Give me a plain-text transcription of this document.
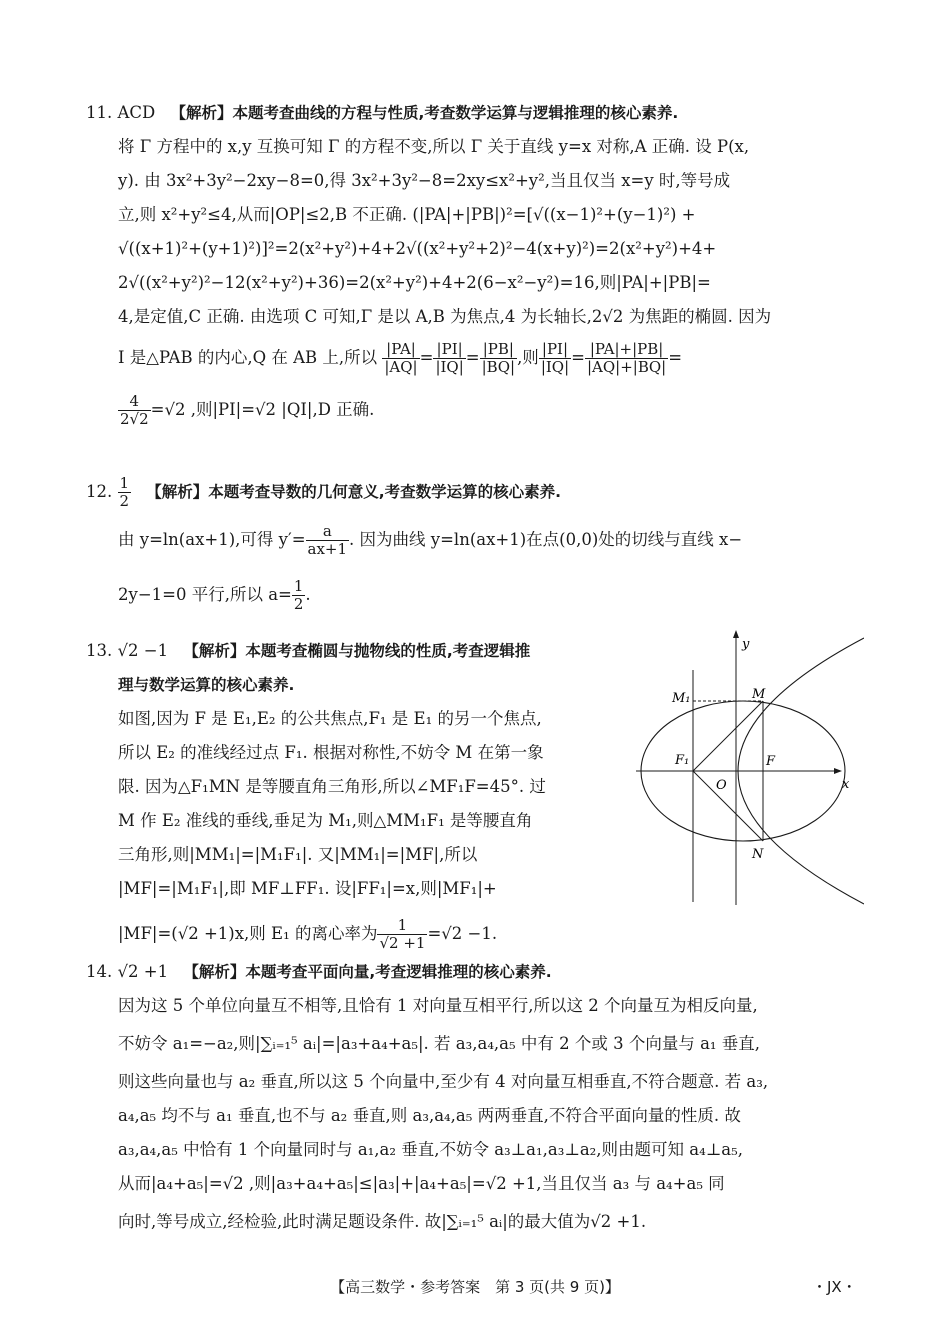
11. ACD 【解析】本题考查曲线的方程与性质,考查数学运算与逻辑推理的核心素养.
将 Γ 方程中的 x,y 互换可知 Γ 的方程不变,所以 Γ 关于直线 y=x 对称,A 正确. 设 P(x,
y). 由 3x²+3y²−2xy−8=0,得 3x²+3y²−8=2xy≤x²+y²,当且仅当 x=y 时,等号成
立,则 x²+y²≤4,从而|OP|≤2,B 不正确. (|PA|+|PB|)²=[√((x−1)²+(y−1)²) +
√((x+1)²+(y+1)²)]²=2(x²+y²)+4+2√((x²+y²+2)²−4(x+y)²)=2(x²+y²)+4+
2√((x²+y²)²−12(x²+y²)+36)=2(x²+y²)+4+2(6−x²−y²)=16,则|PA|+|PB|=
4,是定值,C 正确. 由选项 C 可知,Γ 是以 A,B 为焦点,4 为长轴长,2√2 为焦距的椭圆. 因为
I 是△PAB 的内心,Q 在 AB 上,所以 $\frac{|PA|}{|AQ|} = \frac{|PI|}{|IQ|} = \frac{|PB|}{|BQ|}$ ,则 $\frac{|PI|}{|IQ|} = \frac{|PA|+|PB|}{|AQ|+|BQ|}$ =
$\frac{4}{2√2} =√2$ ,则|PI|=√2 |QI|,D 正确.
12. $\frac{1}{2}$ 【解析】本题考查导数的几何意义,考查数学运算的核心素养.
由 y=ln(ax+1),可得 $y'= \frac{a}{ax+1}$ . 因为曲线 y=ln(ax+1)在点(0,0)处的切线与直线 x−
2y−1=0 平行,所以 $a= \frac{1}{2}$ .
13. √2 −1 【解析】本题考查椭圆与抛物线的性质,考查逻辑推
理与数学运算的核心素养.
如图,因为 F 是 E₁,E₂ 的公共焦点,F₁ 是 E₁ 的另一个焦点,
所以 E₂ 的准线经过点 F₁. 根据对称性,不妨令 M 在第一象
限. 因为△F₁MN 是等腰直角三角形,所以∠MF₁F=45°. 过
M 作 E₂ 准线的垂线,垂足为 M₁,则△MM₁F₁ 是等腰直角
三角形,则|MM₁|=|M₁F₁|. 又|MM₁|=|MF|,所以
|MF|=|M₁F₁|,即 MF⊥FF₁. 设|FF₁|=x,则|MF₁|+
|MF|=(√2 +1)x,则 E₁ 的离心率为 $\frac{1}{√2 +1} =√2 -1$.
y
x
M₁	M
F₁
O
F
N
14. √2 +1 【解析】本题考查平面向量,考查逻辑推理的核心素养.
因为这 5 个单位向量互不相等,且恰有 1 对向量互相平行,所以这 2 个向量互为相反向量,
不妨令 a₁=−a₂,则|∑ᵢ₌₁⁵ aᵢ|=|a₃+a₄+a₅|. 若 a₃,a₄,a₅ 中有 2 个或 3 个向量与 a₁ 垂直,
则这些向量也与 a₂ 垂直,所以这 5 个向量中,至少有 4 对向量互相垂直,不符合题意. 若 a₃,
a₄,a₅ 均不与 a₁ 垂直,也不与 a₂ 垂直,则 a₃,a₄,a₅ 两两垂直,不符合平面向量的性质. 故
a₃,a₄,a₅ 中恰有 1 个向量同时与 a₁,a₂ 垂直,不妨令 a₃⊥a₁,a₃⊥a₂,则由题可知 a₄⊥a₅,
从而|a₄+a₅|=√2 ,则|a₃+a₄+a₅|≤|a₃|+|a₄+a₅|=√2 +1,当且仅当 a₃ 与 a₄+a₅ 同
向时,等号成立,经检验,此时满足题设条件. 故|∑ᵢ₌₁⁵ aᵢ|的最大值为√2 +1.
【高三数学・参考答案　第 3 页(共 9 页)】	・JX・
